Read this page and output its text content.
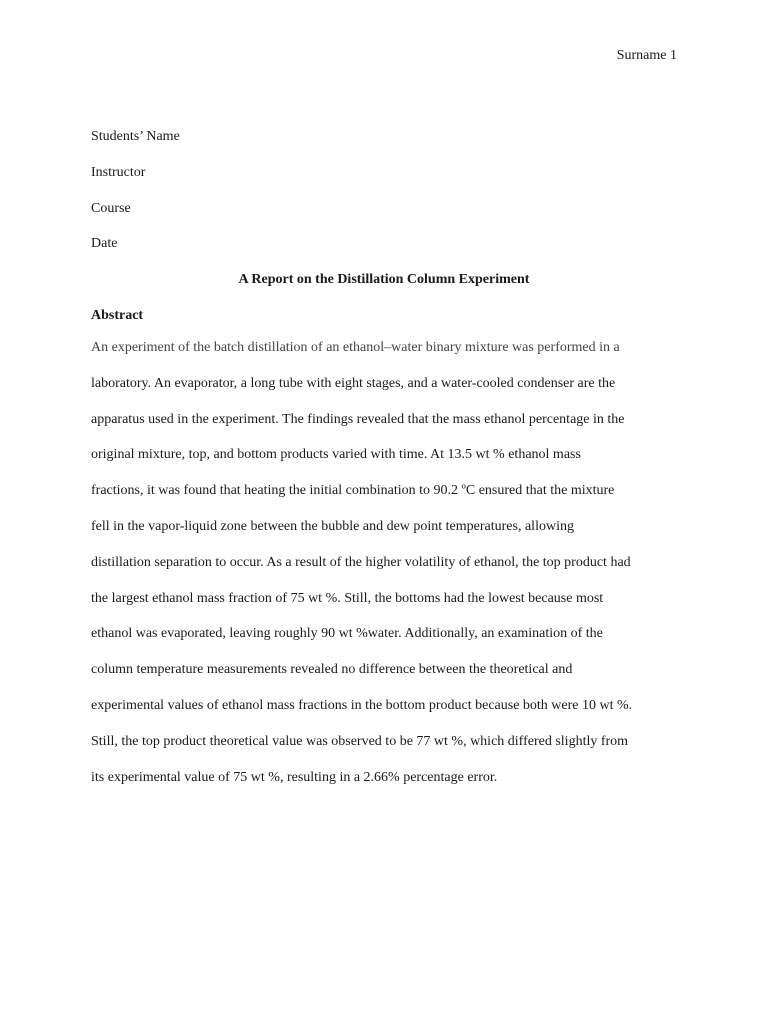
Surname 1

Students’ Name

Instructor

Course

Date

A Report on the Distillation Column Experiment

Abstract

An experiment of the batch distillation of an ethanol–water binary mixture was performed in a
laboratory. An evaporator, a long tube with eight stages, and a water-cooled condenser are the
apparatus used in the experiment. The findings revealed that the mass ethanol percentage in the
original mixture, top, and bottom products varied with time. At 13.5 wt % ethanol mass
fractions, it was found that heating the initial combination to 90.2 ºC ensured that the mixture
fell in the vapor-liquid zone between the bubble and dew point temperatures, allowing
distillation separation to occur. As a result of the higher volatility of ethanol, the top product had
the largest ethanol mass fraction of 75 wt %. Still, the bottoms had the lowest because most
ethanol was evaporated, leaving roughly 90 wt %water. Additionally, an examination of the
column temperature measurements revealed no difference between the theoretical and
experimental values of ethanol mass fractions in the bottom product because both were 10 wt %.
Still, the top product theoretical value was observed to be 77 wt %, which differed slightly from
its experimental value of 75 wt %, resulting in a 2.66% percentage error.
